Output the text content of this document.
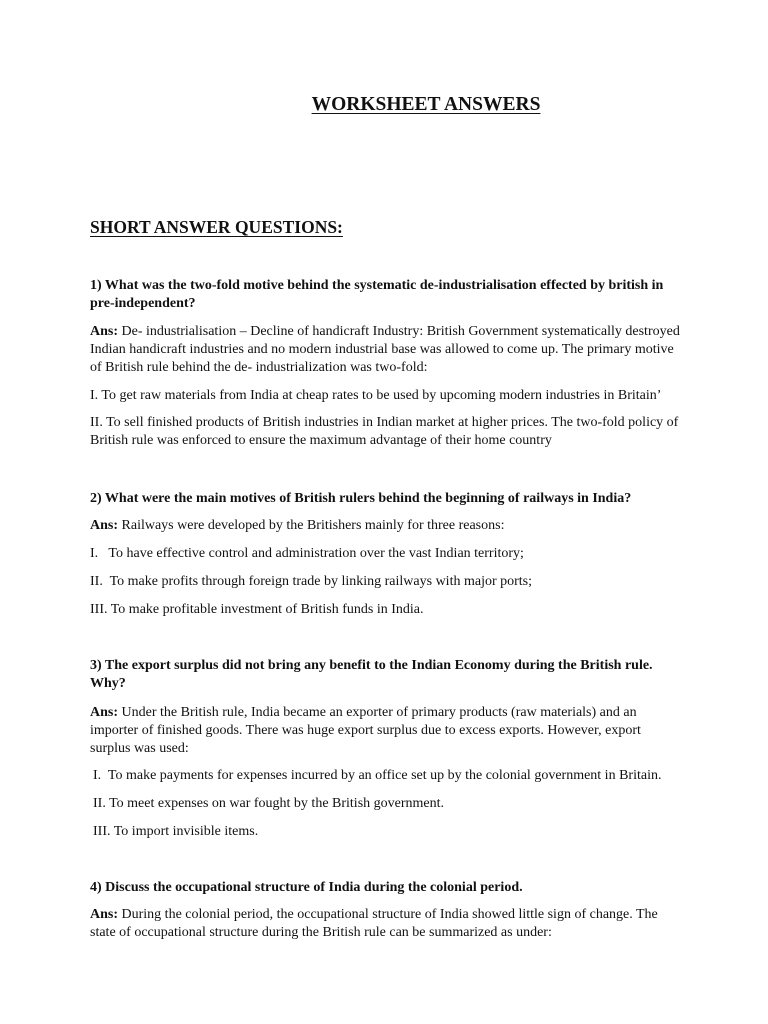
WORKSHEET ANSWERS
SHORT ANSWER QUESTIONS:
1) What was the two-fold motive behind the systematic de-industrialisation effected by british in pre-independent?
Ans: De- industrialisation – Decline of handicraft Industry: British Government systematically destroyed Indian handicraft industries and no modern industrial base was allowed to come up. The primary motive of British rule behind the de- industrialization was two-fold:
I. To get raw materials from India at cheap rates to be used by upcoming modern industries in Britain’
II. To sell finished products of British industries in Indian market at higher prices. The two-fold policy of British rule was enforced to ensure the maximum advantage of their home country
2) What were the main motives of British rulers behind the beginning of railways in India?
Ans: Railways were developed by the Britishers mainly for three reasons:
I.   To have effective control and administration over the vast Indian territory;
II.  To make profits through foreign trade by linking railways with major ports;
III. To make profitable investment of British funds in India.
3) The export surplus did not bring any benefit to the Indian Economy during the British rule. Why?
Ans: Under the British rule, India became an exporter of primary products (raw materials) and an importer of finished goods. There was huge export surplus due to excess exports. However, export surplus was used:
I.  To make payments for expenses incurred by an office set up by the colonial government in Britain.
II. To meet expenses on war fought by the British government.
III. To import invisible items.
4) Discuss the occupational structure of India during the colonial period.
Ans: During the colonial period, the occupational structure of India showed little sign of change. The state of occupational structure during the British rule can be summarized as under:
